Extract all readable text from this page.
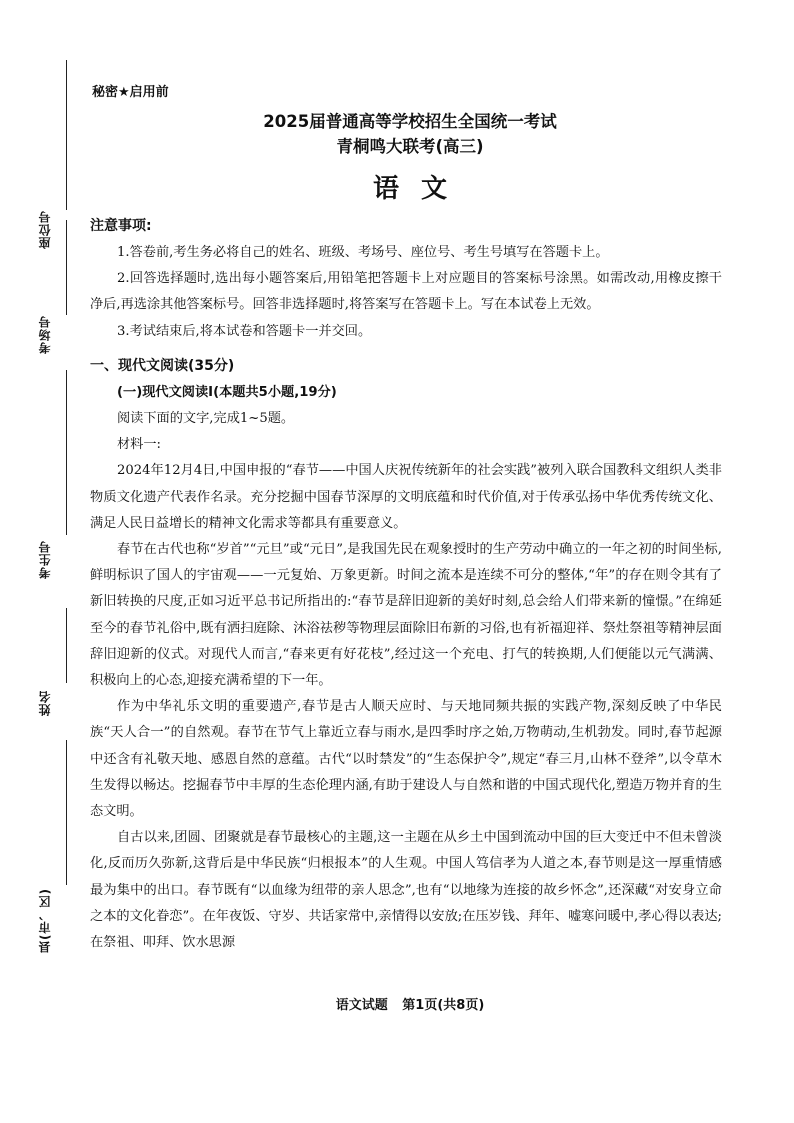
座位号
考场号
考生号
姓名
县(市、区)
秘密★启用前
2025届普通高等学校招生全国统一考试
青桐鸣大联考(高三)
语文
注意事项:

1.答卷前,考生务必将自己的姓名、班级、考场号、座位号、考生号填写在答题卡上。

2.回答选择题时,选出每小题答案后,用铅笔把答题卡上对应题目的答案标号涂黑。如需改动,用橡皮擦干净后,再选涂其他答案标号。回答非选择题时,将答案写在答题卡上。写在本试卷上无效。

3.考试结束后,将本试卷和答题卡一并交回。

一、现代文阅读(35分)

(一)现代文阅读Ⅰ(本题共5小题,19分)

阅读下面的文字,完成1~5题。

材料一:

2024年12月4日,中国申报的“春节——中国人庆祝传统新年的社会实践”被列入联合国教科文组织人类非物质文化遗产代表作名录。充分挖掘中国春节深厚的文明底蕴和时代价值,对于传承弘扬中华优秀传统文化、满足人民日益增长的精神文化需求等都具有重要意义。

春节在古代也称“岁首”“元旦”或“元日”,是我国先民在观象授时的生产劳动中确立的一年之初的时间坐标,鲜明标识了国人的宇宙观——一元复始、万象更新。时间之流本是连续不可分的整体,“年”的存在则令其有了新旧转换的尺度,正如习近平总书记所指出的:“春节是辞旧迎新的美好时刻,总会给人们带来新的憧憬。”在绵延至今的春节礼俗中,既有洒扫庭除、沐浴祛秽等物理层面除旧布新的习俗,也有祈福迎祥、祭灶祭祖等精神层面辞旧迎新的仪式。对现代人而言,“春来更有好花枝”,经过这一个充电、打气的转换期,人们便能以元气满满、积极向上的心态,迎接充满希望的下一年。

作为中华礼乐文明的重要遗产,春节是古人顺天应时、与天地同频共振的实践产物,深刻反映了中华民族“天人合一”的自然观。春节在节气上靠近立春与雨水,是四季时序之始,万物萌动,生机勃发。同时,春节起源中还含有礼敬天地、感恩自然的意蕴。古代“以时禁发”的“生态保护令”,规定“春三月,山林不登斧”,以令草木生发得以畅达。挖掘春节中丰厚的生态伦理内涵,有助于建设人与自然和谐的中国式现代化,塑造万物并育的生态文明。

自古以来,团圆、团聚就是春节最核心的主题,这一主题在从乡土中国到流动中国的巨大变迁中不但未曾淡化,反而历久弥新,这背后是中华民族“归根报本”的人生观。中国人笃信孝为人道之本,春节则是这一厚重情感最为集中的出口。春节既有“以血缘为纽带的亲人思念”,也有“以地缘为连接的故乡怀念”,还深藏“对安身立命之本的文化眷恋”。在年夜饭、守岁、共话家常中,亲情得以安放;在压岁钱、拜年、嘘寒问暖中,孝心得以表达;在祭祖、叩拜、饮水思源

语文试题 第1页(共8页)
